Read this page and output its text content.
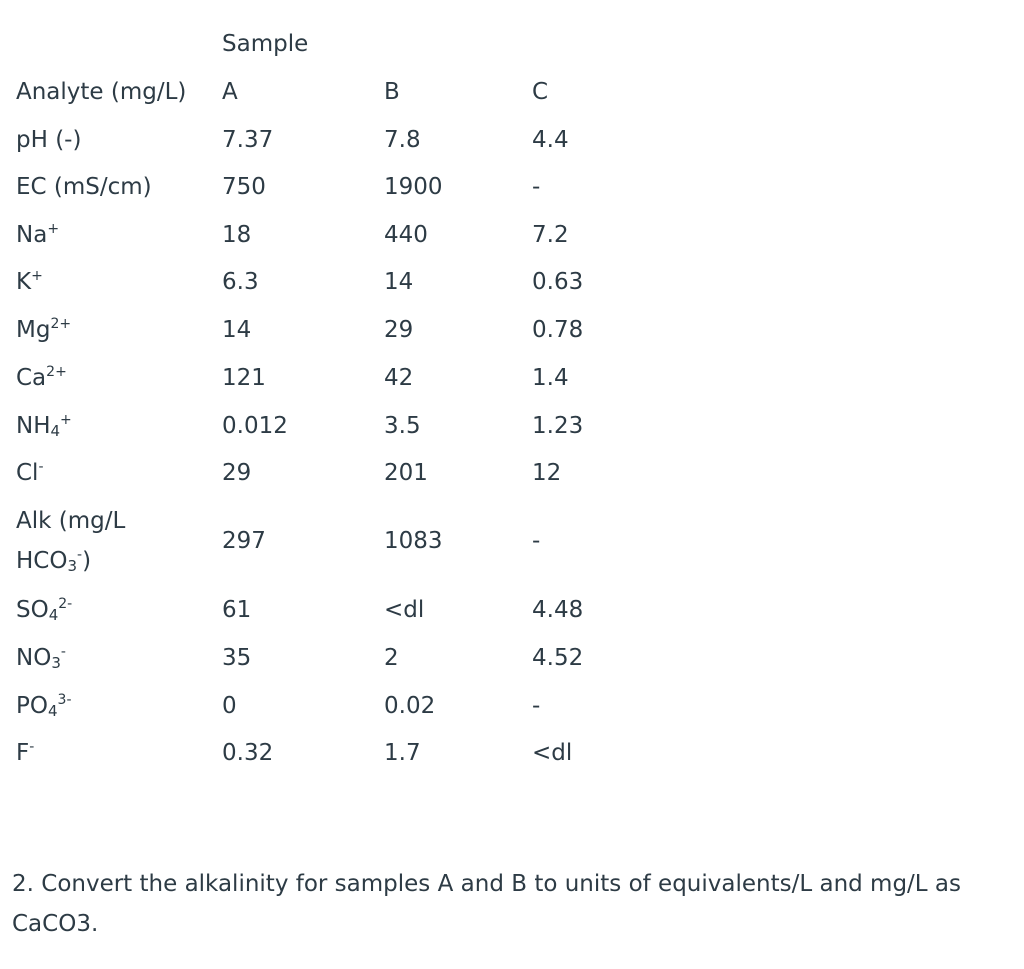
Sample
Analyte (mg/L) A	B	C
pH (-)	7.37	7.8	4.4
EC (mS/cm)	750	1900	-
Na+	18	440	7.2
K+	6.3	14	0.63
$Mg^{2+}$	14	29	0.78
$Ca^{2+}$	121	42	1.4
$NH_4^+$	0.012	3.5	1.23
Cl-	29	201	12
Alk (mg/L
$HCO_3^-$)
297	1083	-
$SO_4^{2-}$	61	<dl	4.48
$NO_3^-$	35	2	4.52
$PO_4^{3-}$	0	0.02	-
F-	0.32	1.7	<dl
2. Convert the alkalinity for samples A and B to units of equivalents/L and mg/L as CaCO3.
